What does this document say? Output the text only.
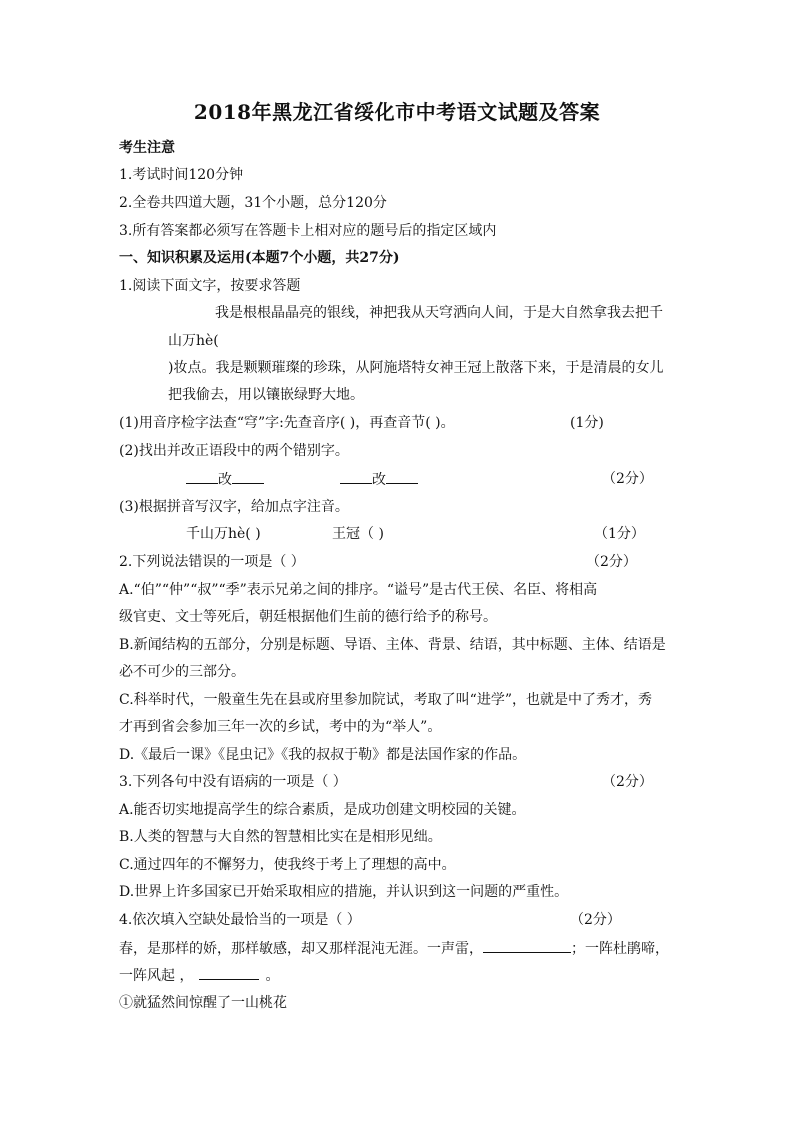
2018年黑龙江省绥化市中考语文试题及答案
考生注意
1.考试时间120分钟
2.全卷共四道大题，31个小题，总分120分
3.所有答案都必须写在答题卡上相对应的题号后的指定区域内
一、知识积累及运用(本题7个小题，共27分)
1.阅读下面文字，按要求答题
我是根根晶晶亮的银线，神把我从天穹洒向人间，于是大自然拿我去把千
山万hè(
)妆点。我是颗颗璀璨的珍珠，从阿施塔特女神王冠上散落下来，于是清晨的女儿
把我偷去，用以镶嵌绿野大地。
(1)用音序检字法查“穹”字:先查音序( )，再查音节( )。	(1分)
(2)找出并改正语段中的两个错别字。
改	改	（2分）
(3)根据拼音写汉字，给加点字注音。
千山万hè( )	王冠（ )	（1分）
2.下列说法错误的一项是（ ）	（2分）
A.“伯”“仲”“叔”“季”表示兄弟之间的排序。“谥号”是古代王侯、名臣、将相高
级官吏、文士等死后，朝廷根据他们生前的德行给予的称号。
B.新闻结构的五部分，分别是标题、导语、主体、背景、结语，其中标题、主体、结语是
必不可少的三部分。
C.科举时代，一般童生先在县或府里参加院试，考取了叫“进学”，也就是中了秀才，秀
才再到省会参加三年一次的乡试，考中的为“举人”。
D.《最后一课》《昆虫记》《我的叔叔于勒》都是法国作家的作品。
3.下列各句中没有语病的一项是（ ）	（2分）
A.能否切实地提高学生的综合素质，是成功创建文明校园的关键。
B.人类的智慧与大自然的智慧相比实在是相形见绌。
C.通过四年的不懈努力，使我终于考上了理想的高中。
D.世界上许多国家已开始采取相应的措施，并认识到这一问题的严重性。
4.依次填入空缺处最恰当的一项是（ ）	（2分）
春，是那样的娇，那样敏感，却又那样混沌无涯。一声雷，	；一阵杜鹃啼，
一阵风起 ，	。
①就猛然间惊醒了一山桃花
